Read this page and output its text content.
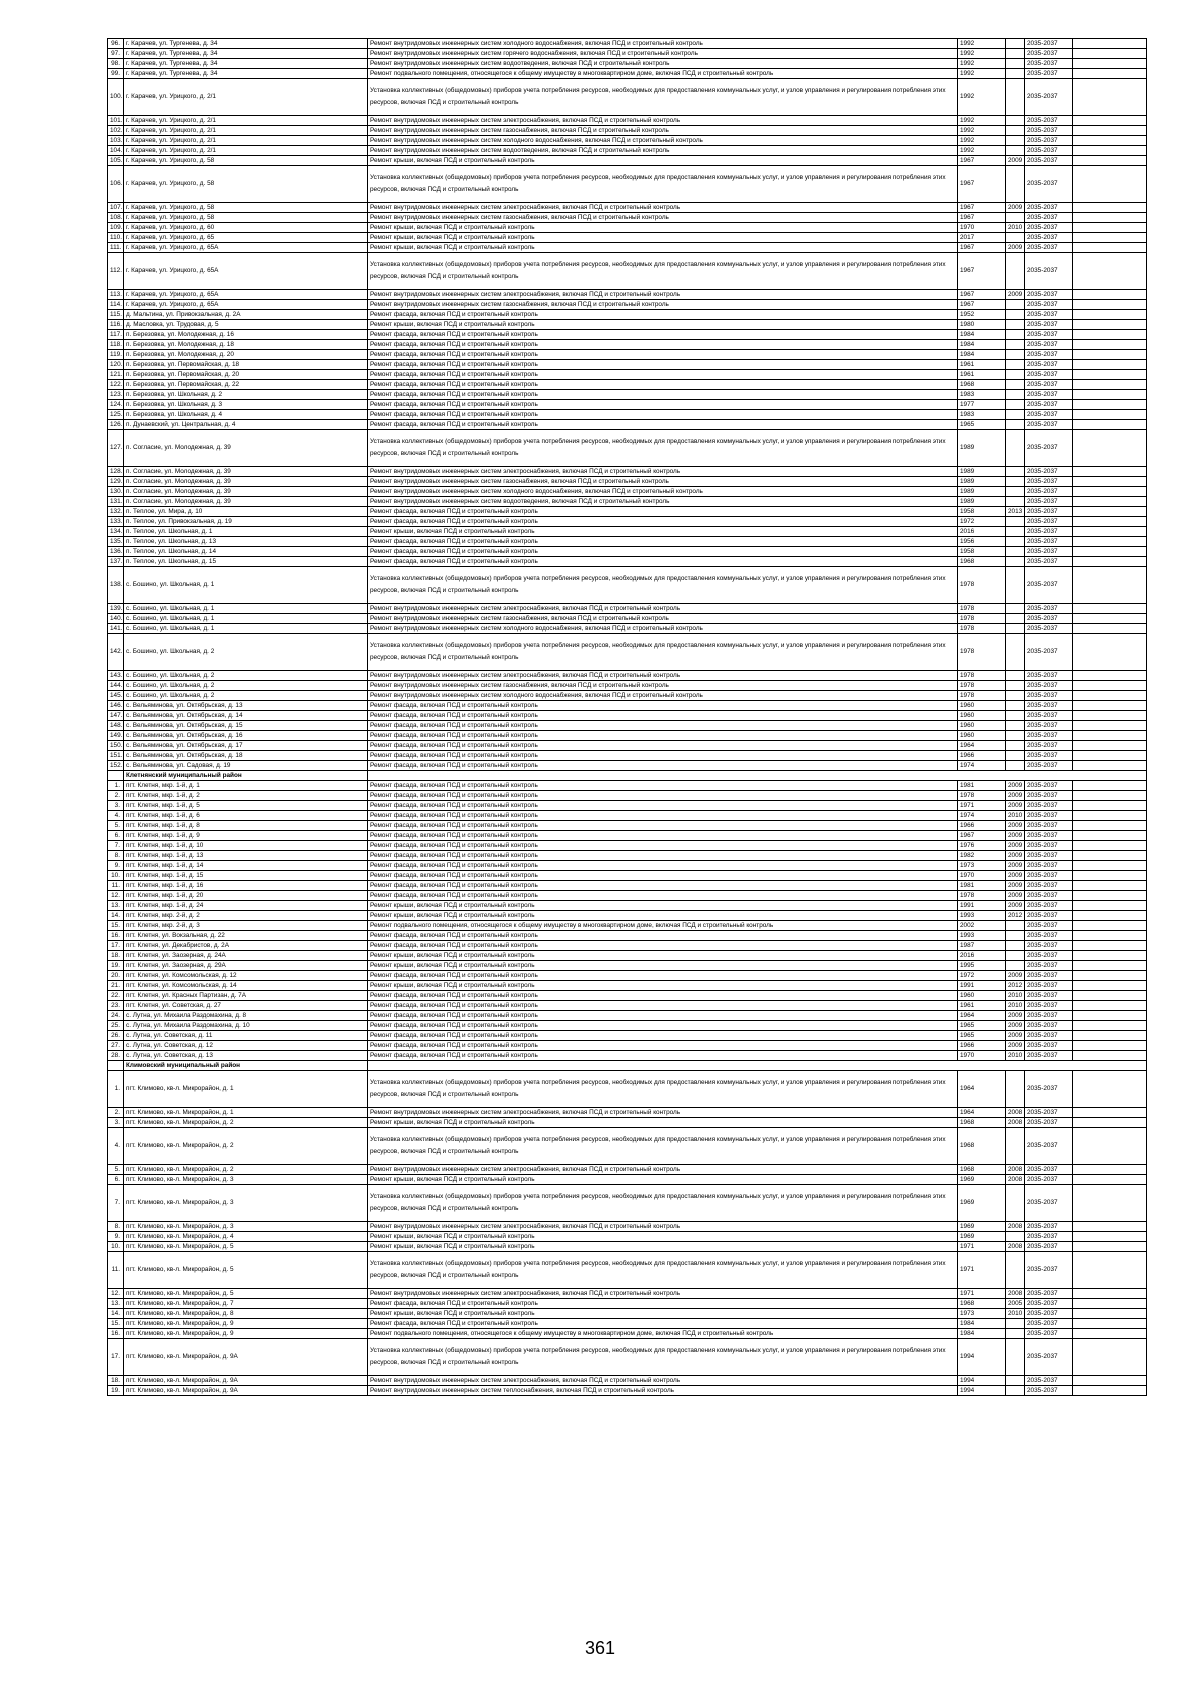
96.	г. Карачев, ул. Тургенева, д. 34	Ремонт внутридомовых инженерных систем холодного водоснабжения, включая ПСД и строительный контроль	1992		2035-2037	
97.	г. Карачев, ул. Тургенева, д. 34	Ремонт внутридомовых инженерных систем горячего водоснабжения, включая ПСД и строительный контроль	1992		2035-2037	
98.	г. Карачев, ул. Тургенева, д. 34	Ремонт внутридомовых инженерных систем водоотведения, включая ПСД и строительный контроль	1992		2035-2037	
99.	г. Карачев, ул. Тургенева, д. 34	Ремонт подвального помещения, относящегося к общему имуществу в многоквартирном доме, включая ПСД и строительный контроль	1992		2035-2037	
100.	г. Карачев, ул. Урицкого, д. 2/1	Установка коллективных (общедомовых) приборов учета потребления ресурсов, необходимых для предоставления коммунальных услуг, и узлов управления и регулирования потребления этих ресурсов, включая ПСД и строительный контроль	1992		2035-2037	
101.	г. Карачев, ул. Урицкого, д. 2/1	Ремонт внутридомовых инженерных систем электроснабжения, включая ПСД и строительный контроль	1992		2035-2037	
102.	г. Карачев, ул. Урицкого, д. 2/1	Ремонт внутридомовых инженерных систем газоснабжения, включая ПСД и строительный контроль	1992		2035-2037	
103.	г. Карачев, ул. Урицкого, д. 2/1	Ремонт внутридомовых инженерных систем холодного водоснабжения, включая ПСД и строительный контроль	1992		2035-2037	
104.	г. Карачев, ул. Урицкого, д. 2/1	Ремонт внутридомовых инженерных систем водоотведения, включая ПСД и строительный контроль	1992		2035-2037	
105.	г. Карачев, ул. Урицкого, д. 58	Ремонт крыши, включая ПСД и строительный контроль	1967	2009	2035-2037	
106.	г. Карачев, ул. Урицкого, д. 58	Установка коллективных (общедомовых) приборов учета потребления ресурсов, необходимых для предоставления коммунальных услуг, и узлов управления и регулирования потребления этих ресурсов, включая ПСД и строительный контроль	1967		2035-2037	
107.	г. Карачев, ул. Урицкого, д. 58	Ремонт внутридомовых инженерных систем электроснабжения, включая ПСД и строительный контроль	1967	2009	2035-2037	
108.	г. Карачев, ул. Урицкого, д. 58	Ремонт внутридомовых инженерных систем газоснабжения, включая ПСД и строительный контроль	1967		2035-2037	
109.	г. Карачев, ул. Урицкого, д. 60	Ремонт крыши, включая ПСД и строительный контроль	1970	2010	2035-2037	
110.	г. Карачев, ул. Урицкого, д. 65	Ремонт крыши, включая ПСД и строительный контроль	2017		2035-2037	
111.	г. Карачев, ул. Урицкого, д. 65А	Ремонт крыши, включая ПСД и строительный контроль	1967	2009	2035-2037	
112.	г. Карачев, ул. Урицкого, д. 65А	Установка коллективных (общедомовых) приборов учета потребления ресурсов, необходимых для предоставления коммунальных услуг, и узлов управления и регулирования потребления этих ресурсов, включая ПСД и строительный контроль	1967		2035-2037	
113.	г. Карачев, ул. Урицкого, д. 65А	Ремонт внутридомовых инженерных систем электроснабжения, включая ПСД и строительный контроль	1967	2009	2035-2037	
114.	г. Карачев, ул. Урицкого, д. 65А	Ремонт внутридомовых инженерных систем газоснабжения, включая ПСД и строительный контроль	1967		2035-2037	
115.	д. Мальтина, ул. Привокзальная, д. 2А	Ремонт фасада, включая ПСД и строительный контроль	1952		2035-2037	
116.	д. Масловка, ул. Трудовая, д. 5	Ремонт крыши, включая ПСД и строительный контроль	1980		2035-2037	
117.	п. Березовка, ул. Молодежная, д. 16	Ремонт фасада, включая ПСД и строительный контроль	1984		2035-2037	
118.	п. Березовка, ул. Молодежная, д. 18	Ремонт фасада, включая ПСД и строительный контроль	1984		2035-2037	
119.	п. Березовка, ул. Молодежная, д. 20	Ремонт фасада, включая ПСД и строительный контроль	1984		2035-2037	
120.	п. Березовка, ул. Первомайская, д. 18	Ремонт фасада, включая ПСД и строительный контроль	1961		2035-2037	
121.	п. Березовка, ул. Первомайская, д. 20	Ремонт фасада, включая ПСД и строительный контроль	1961		2035-2037	
122.	п. Березовка, ул. Первомайская, д. 22	Ремонт фасада, включая ПСД и строительный контроль	1968		2035-2037	
123.	п. Березовка, ул. Школьная, д. 2	Ремонт фасада, включая ПСД и строительный контроль	1983		2035-2037	
124.	п. Березовка, ул. Школьная, д. 3	Ремонт фасада, включая ПСД и строительный контроль	1977		2035-2037	
125.	п. Березовка, ул. Школьная, д. 4	Ремонт фасада, включая ПСД и строительный контроль	1983		2035-2037	
126.	п. Дунаевский, ул. Центральная, д. 4	Ремонт фасада, включая ПСД и строительный контроль	1965		2035-2037	
127.	п. Согласие, ул. Молодежная, д. 39	Установка коллективных (общедомовых) приборов учета потребления ресурсов, необходимых для предоставления коммунальных услуг, и узлов управления и регулирования потребления этих ресурсов, включая ПСД и строительный контроль	1989		2035-2037	
128.	п. Согласие, ул. Молодежная, д. 39	Ремонт внутридомовых инженерных систем электроснабжения, включая ПСД и строительный контроль	1989		2035-2037	
129.	п. Согласие, ул. Молодежная, д. 39	Ремонт внутридомовых инженерных систем газоснабжения, включая ПСД и строительный контроль	1989		2035-2037	
130.	п. Согласие, ул. Молодежная, д. 39	Ремонт внутридомовых инженерных систем холодного водоснабжения, включая ПСД и строительный контроль	1989		2035-2037	
131.	п. Согласие, ул. Молодежная, д. 39	Ремонт внутридомовых инженерных систем водоотведения, включая ПСД и строительный контроль	1989		2035-2037	
132.	п. Теплое, ул. Мира, д. 10	Ремонт фасада, включая ПСД и строительный контроль	1958	2013	2035-2037	
133.	п. Теплое, ул. Привокзальная, д. 19	Ремонт фасада, включая ПСД и строительный контроль	1972		2035-2037	
134.	п. Теплое, ул. Школьная, д. 1	Ремонт крыши, включая ПСД и строительный контроль	2016		2035-2037	
135.	п. Теплое, ул. Школьная, д. 13	Ремонт фасада, включая ПСД и строительный контроль	1956		2035-2037	
136.	п. Теплое, ул. Школьная, д. 14	Ремонт фасада, включая ПСД и строительный контроль	1958		2035-2037	
137.	п. Теплое, ул. Школьная, д. 15	Ремонт фасада, включая ПСД и строительный контроль	1968		2035-2037	
138.	с. Бошино, ул. Школьная, д. 1	Установка коллективных (общедомовых) приборов учета потребления ресурсов, необходимых для предоставления коммунальных услуг, и узлов управления и регулирования потребления этих ресурсов, включая ПСД и строительный контроль	1978		2035-2037	
139.	с. Бошино, ул. Школьная, д. 1	Ремонт внутридомовых инженерных систем электроснабжения, включая ПСД и строительный контроль	1978		2035-2037	
140.	с. Бошино, ул. Школьная, д. 1	Ремонт внутридомовых инженерных систем газоснабжения, включая ПСД и строительный контроль	1978		2035-2037	
141.	с. Бошино, ул. Школьная, д. 1	Ремонт внутридомовых инженерных систем холодного водоснабжения, включая ПСД и строительный контроль	1978		2035-2037	
142.	с. Бошино, ул. Школьная, д. 2	Установка коллективных (общедомовых) приборов учета потребления ресурсов, необходимых для предоставления коммунальных услуг, и узлов управления и регулирования потребления этих ресурсов, включая ПСД и строительный контроль	1978		2035-2037	
143.	с. Бошино, ул. Школьная, д. 2	Ремонт внутридомовых инженерных систем электроснабжения, включая ПСД и строительный контроль	1978		2035-2037	
144.	с. Бошино, ул. Школьная, д. 2	Ремонт внутридомовых инженерных систем газоснабжения, включая ПСД и строительный контроль	1978		2035-2037	
145.	с. Бошино, ул. Школьная, д. 2	Ремонт внутридомовых инженерных систем холодного водоснабжения, включая ПСД и строительный контроль	1978		2035-2037	
146.	с. Вельяминова, ул. Октябрьская, д. 13	Ремонт фасада, включая ПСД и строительный контроль	1960		2035-2037	
147.	с. Вельяминова, ул. Октябрьская, д. 14	Ремонт фасада, включая ПСД и строительный контроль	1960		2035-2037	
148.	с. Вельяминова, ул. Октябрьская, д. 15	Ремонт фасада, включая ПСД и строительный контроль	1960		2035-2037	
149.	с. Вельяминова, ул. Октябрьская, д. 16	Ремонт фасада, включая ПСД и строительный контроль	1960		2035-2037	
150.	с. Вельяминова, ул. Октябрьская, д. 17	Ремонт фасада, включая ПСД и строительный контроль	1964		2035-2037	
151.	с. Вельяминова, ул. Октябрьская, д. 18	Ремонт фасада, включая ПСД и строительный контроль	1966		2035-2037	
152.	с. Вельяминова, ул. Садовая, д. 19	Ремонт фасада, включая ПСД и строительный контроль	1974		2035-2037	
	Клетнянский муниципальный район					
1.	пгт. Клетня, мкр. 1-й, д. 1	Ремонт фасада, включая ПСД и строительный контроль	1981	2009	2035-2037	
2.	пгт. Клетня, мкр. 1-й, д. 2	Ремонт фасада, включая ПСД и строительный контроль	1978	2009	2035-2037	
3.	пгт. Клетня, мкр. 1-й, д. 5	Ремонт фасада, включая ПСД и строительный контроль	1971	2009	2035-2037	
4.	пгт. Клетня, мкр. 1-й, д. 6	Ремонт фасада, включая ПСД и строительный контроль	1974	2010	2035-2037	
5.	пгт. Клетня, мкр. 1-й, д. 8	Ремонт фасада, включая ПСД и строительный контроль	1966	2009	2035-2037	
6.	пгт. Клетня, мкр. 1-й, д. 9	Ремонт фасада, включая ПСД и строительный контроль	1967	2009	2035-2037	
7.	пгт. Клетня, мкр. 1-й, д. 10	Ремонт фасада, включая ПСД и строительный контроль	1976	2009	2035-2037	
8.	пгт. Клетня, мкр. 1-й, д. 13	Ремонт фасада, включая ПСД и строительный контроль	1982	2009	2035-2037	
9.	пгт. Клетня, мкр. 1-й, д. 14	Ремонт фасада, включая ПСД и строительный контроль	1973	2009	2035-2037	
10.	пгт. Клетня, мкр. 1-й, д. 15	Ремонт фасада, включая ПСД и строительный контроль	1970	2009	2035-2037	
11.	пгт. Клетня, мкр. 1-й, д. 16	Ремонт фасада, включая ПСД и строительный контроль	1981	2009	2035-2037	
12.	пгт. Клетня, мкр. 1-й, д. 20	Ремонт фасада, включая ПСД и строительный контроль	1978	2009	2035-2037	
13.	пгт. Клетня, мкр. 1-й, д. 24	Ремонт крыши, включая ПСД и строительный контроль	1991	2009	2035-2037	
14.	пгт. Клетня, мкр. 2-й, д. 2	Ремонт крыши, включая ПСД и строительный контроль	1993	2012	2035-2037	
15.	пгт. Клетня, мкр. 2-й, д. 3	Ремонт подвального помещения, относящегося к общему имуществу в многоквартирном доме, включая ПСД и строительный контроль	2002		2035-2037	
16.	пгт. Клетня, ул. Вокзальная, д. 22	Ремонт фасада, включая ПСД и строительный контроль	1993		2035-2037	
17.	пгт. Клетня, ул. Декабристов, д. 2А	Ремонт фасада, включая ПСД и строительный контроль	1987		2035-2037	
18.	пгт. Клетня, ул. Заозерная, д. 24А	Ремонт крыши, включая ПСД и строительный контроль	2016		2035-2037	
19.	пгт. Клетня, ул. Заозерная, д. 29А	Ремонт крыши, включая ПСД и строительный контроль	1995		2035-2037	
20.	пгт. Клетня, ул. Комсомольская, д. 12	Ремонт фасада, включая ПСД и строительный контроль	1972	2009	2035-2037	
21.	пгт. Клетня, ул. Комсомольская, д. 14	Ремонт крыши, включая ПСД и строительный контроль	1991	2012	2035-2037	
22.	пгт. Клетня, ул. Красных Партизан, д. 7А	Ремонт фасада, включая ПСД и строительный контроль	1960	2010	2035-2037	
23.	пгт. Клетня, ул. Советская, д. 27	Ремонт фасада, включая ПСД и строительный контроль	1961	2010	2035-2037	
24.	с. Лутна, ул. Михаила Раздомахина, д. 8	Ремонт фасада, включая ПСД и строительный контроль	1964	2009	2035-2037	
25.	с. Лутна, ул. Михаила Раздомахина, д. 10	Ремонт фасада, включая ПСД и строительный контроль	1965	2009	2035-2037	
26.	с. Лутна, ул. Советская, д. 11	Ремонт фасада, включая ПСД и строительный контроль	1965	2009	2035-2037	
27.	с. Лутна, ул. Советская, д. 12	Ремонт фасада, включая ПСД и строительный контроль	1966	2009	2035-2037	
28.	с. Лутна, ул. Советская, д. 13	Ремонт фасада, включая ПСД и строительный контроль	1970	2010	2035-2037	
	Климовский муниципальный район					
1.	пгт. Климово, кв-л. Микрорайон, д. 1	Установка коллективных (общедомовых) приборов учета потребления ресурсов, необходимых для предоставления коммунальных услуг, и узлов управления и регулирования потребления этих ресурсов, включая ПСД и строительный контроль	1964		2035-2037	
2.	пгт. Климово, кв-л. Микрорайон, д. 1	Ремонт внутридомовых инженерных систем электроснабжения, включая ПСД и строительный контроль	1964	2008	2035-2037	
3.	пгт. Климово, кв-л. Микрорайон, д. 2	Ремонт крыши, включая ПСД и строительный контроль	1968	2008	2035-2037	
4.	пгт. Климово, кв-л. Микрорайон, д. 2	Установка коллективных (общедомовых) приборов учета потребления ресурсов, необходимых для предоставления коммунальных услуг, и узлов управления и регулирования потребления этих ресурсов, включая ПСД и строительный контроль	1968		2035-2037	
5.	пгт. Климово, кв-л. Микрорайон, д. 2	Ремонт внутридомовых инженерных систем электроснабжения, включая ПСД и строительный контроль	1968	2008	2035-2037	
6.	пгт. Климово, кв-л. Микрорайон, д. 3	Ремонт крыши, включая ПСД и строительный контроль	1969	2008	2035-2037	
7.	пгт. Климово, кв-л. Микрорайон, д. 3	Установка коллективных (общедомовых) приборов учета потребления ресурсов, необходимых для предоставления коммунальных услуг, и узлов управления и регулирования потребления этих ресурсов, включая ПСД и строительный контроль	1969		2035-2037	
8.	пгт. Климово, кв-л. Микрорайон, д. 3	Ремонт внутридомовых инженерных систем электроснабжения, включая ПСД и строительный контроль	1969	2008	2035-2037	
9.	пгт. Климово, кв-л. Микрорайон, д. 4	Ремонт крыши, включая ПСД и строительный контроль	1969		2035-2037	
10.	пгт. Климово, кв-л. Микрорайон, д. 5	Ремонт крыши, включая ПСД и строительный контроль	1971	2008	2035-2037	
11.	пгт. Климово, кв-л. Микрорайон, д. 5	Установка коллективных (общедомовых) приборов учета потребления ресурсов, необходимых для предоставления коммунальных услуг, и узлов управления и регулирования потребления этих ресурсов, включая ПСД и строительный контроль	1971		2035-2037	
12.	пгт. Климово, кв-л. Микрорайон, д. 5	Ремонт внутридомовых инженерных систем электроснабжения, включая ПСД и строительный контроль	1971	2008	2035-2037	
13.	пгт. Климово, кв-л. Микрорайон, д. 7	Ремонт фасада, включая ПСД и строительный контроль	1968	2005	2035-2037	
14.	пгт. Климово, кв-л. Микрорайон, д. 8	Ремонт крыши, включая ПСД и строительный контроль	1973	2010	2035-2037	
15.	пгт. Климово, кв-л. Микрорайон, д. 9	Ремонт фасада, включая ПСД и строительный контроль	1984		2035-2037	
16.	пгт. Климово, кв-л. Микрорайон, д. 9	Ремонт подвального помещения, относящегося к общему имуществу в многоквартирном доме, включая ПСД и строительный контроль	1984		2035-2037	
17.	пгт. Климово, кв-л. Микрорайон, д. 9А	Установка коллективных (общедомовых) приборов учета потребления ресурсов, необходимых для предоставления коммунальных услуг, и узлов управления и регулирования потребления этих ресурсов, включая ПСД и строительный контроль	1994		2035-2037	
18.	пгт. Климово, кв-л. Микрорайон, д. 9А	Ремонт внутридомовых инженерных систем электроснабжения, включая ПСД и строительный контроль	1994		2035-2037	
19.	пгт. Климово, кв-л. Микрорайон, д. 9А	Ремонт внутридомовых инженерных систем теплоснабжения, включая ПСД и строительный контроль	1994		2035-2037	
361
